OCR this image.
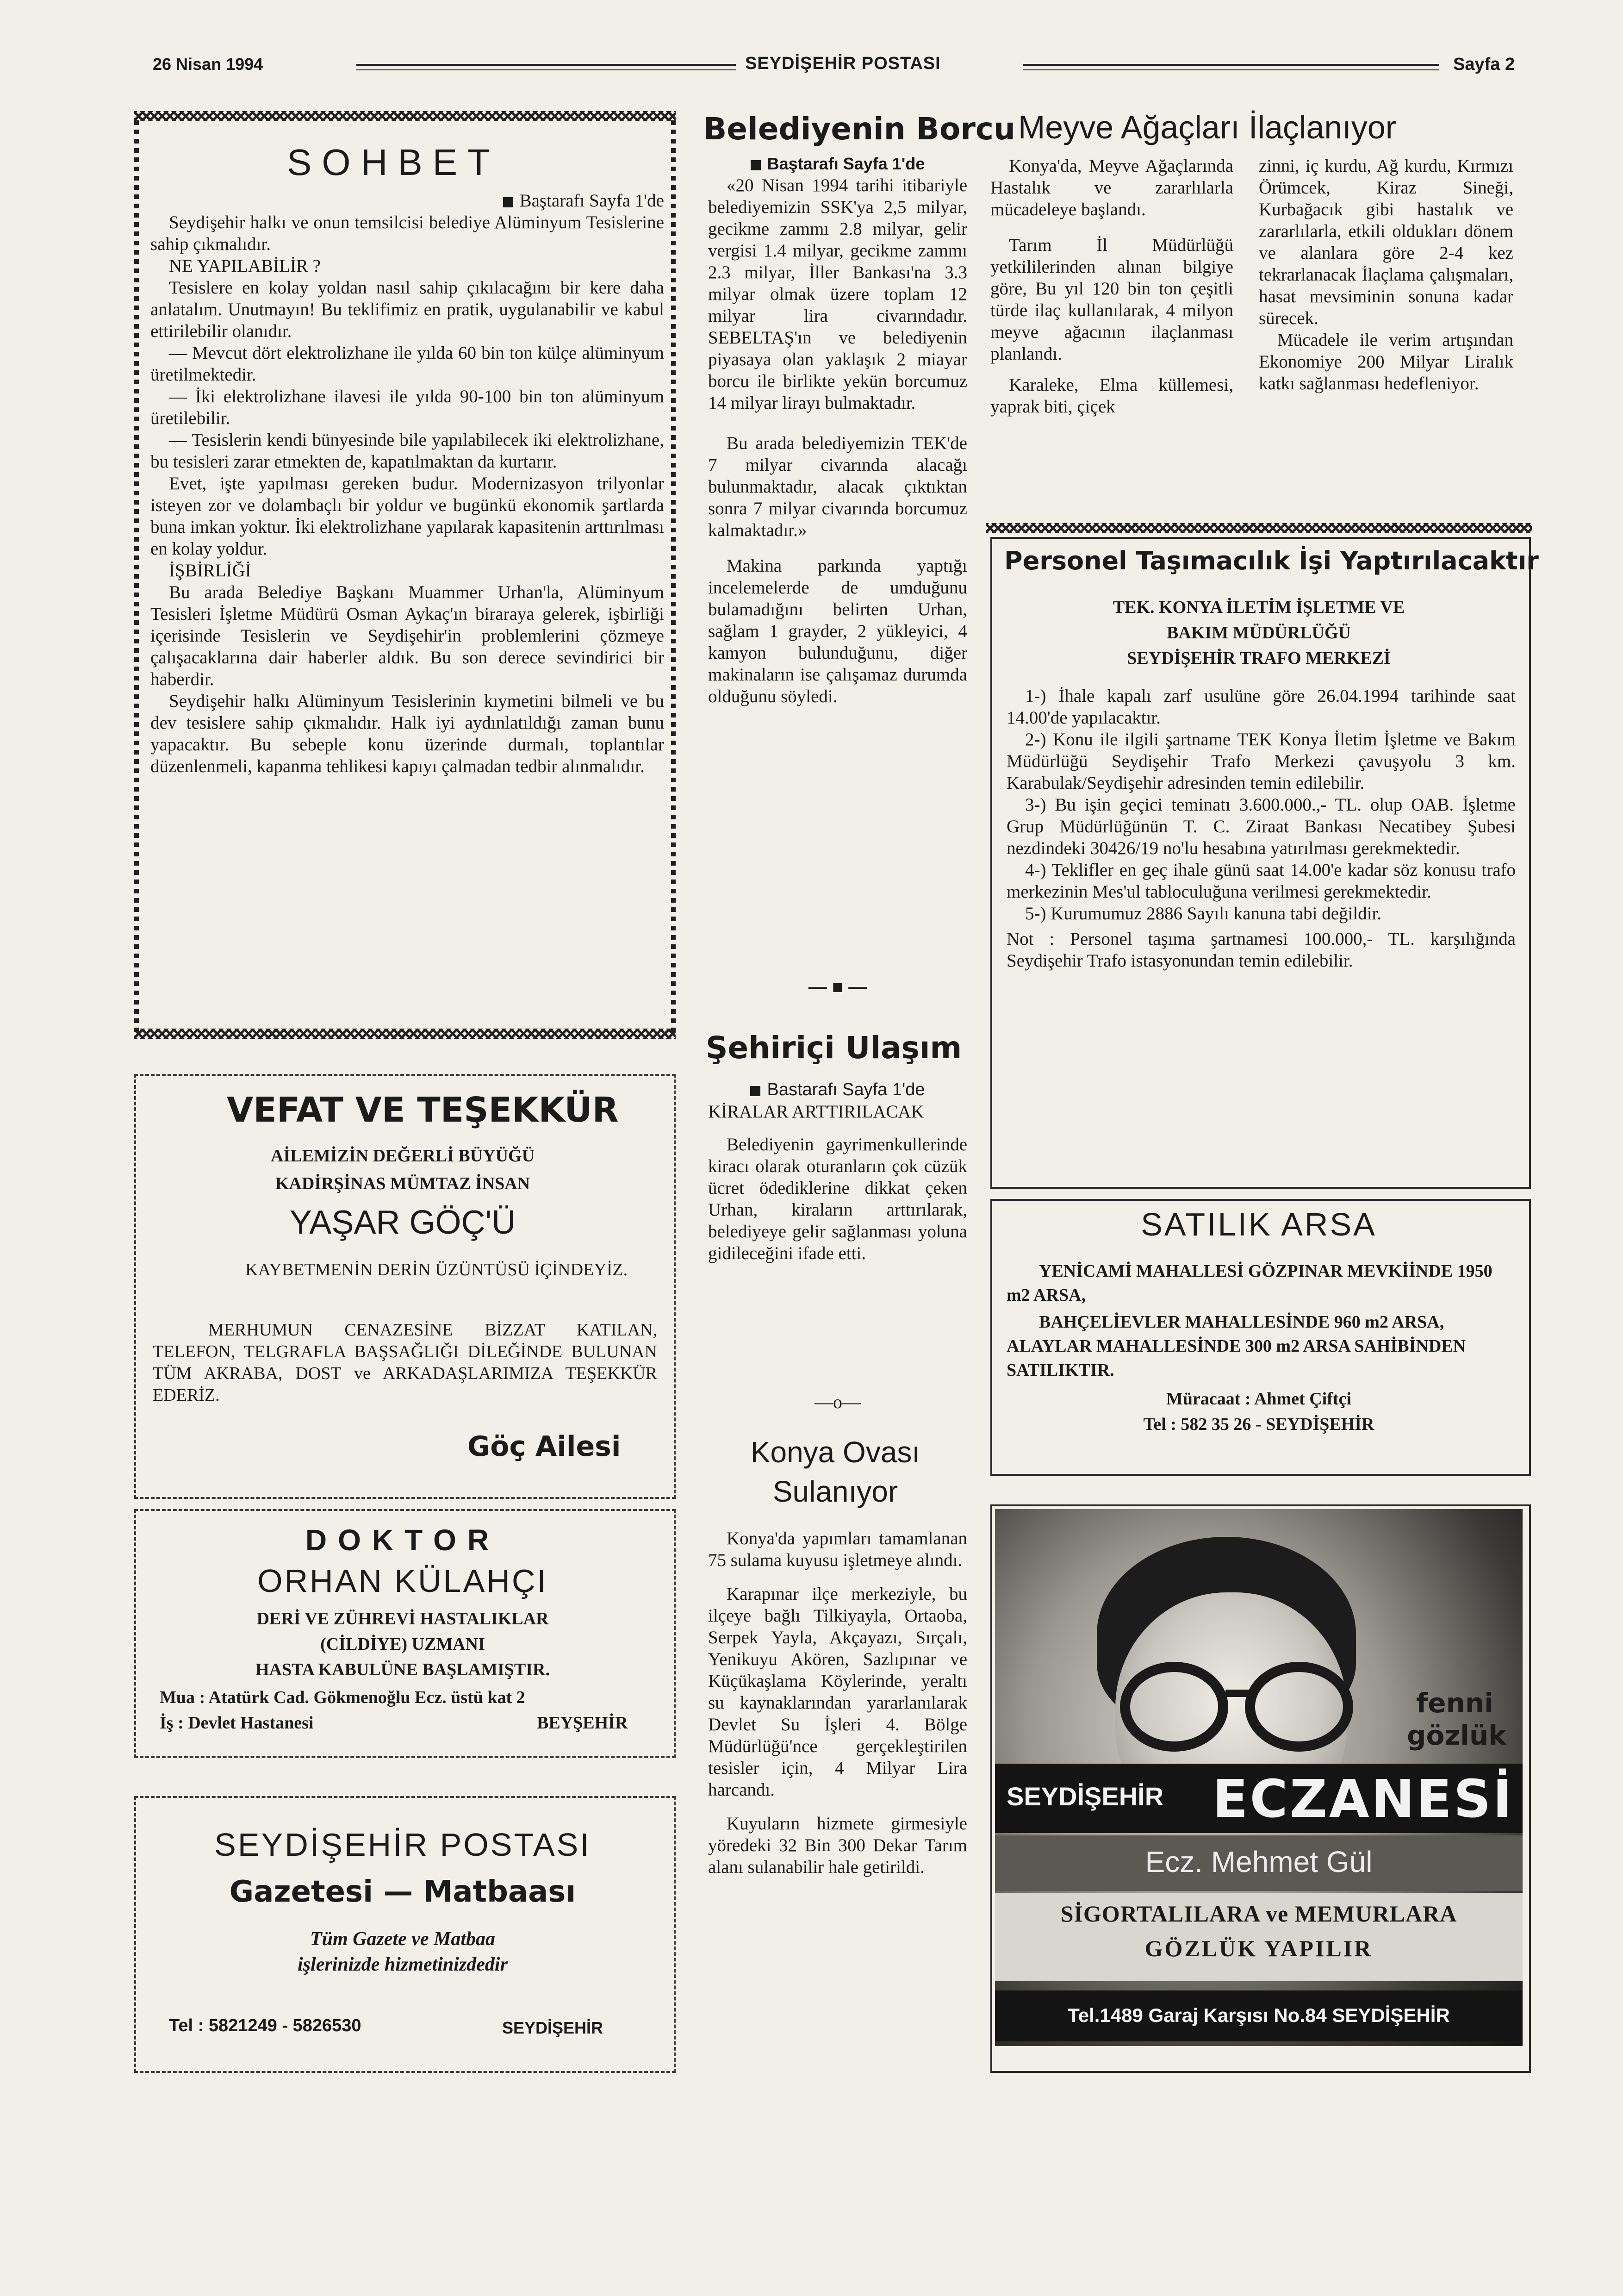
26 Nisan 1994	SEYDİŞEHİR POSTASI	Sayfa 2
SOHBET

Baştarafı Sayfa 1'de

Seydişehir halkı ve onun temsilcisi belediye Alüminyum Tesislerine sahip çıkmalıdır.

NE YAPILABİLİR ?

Tesislere en kolay yoldan nasıl sahip çıkılacağını bir kere daha anlatalım. Unutmayın! Bu teklifimiz en pratik, uygulanabilir ve kabul ettirilebilir olanıdır.

— Mevcut dört elektrolizhane ile yılda 60 bin ton külçe alüminyum üretilmektedir.

— İki elektrolizhane ilavesi ile yılda 90-100 bin ton alüminyum üretilebilir.

— Tesislerin kendi bünyesinde bile yapılabilecek iki elektrolizhane, bu tesisleri zarar etmekten de, kapatılmaktan da kurtarır.

Evet, işte yapılması gereken budur. Modernizasyon trilyonlar isteyen zor ve dolambaçlı bir yoldur ve bugünkü ekonomik şartlarda buna imkan yoktur. İki elektrolizhane yapılarak kapasitenin arttırılması en kolay yoldur.

İŞBİRLİĞİ

Bu arada Belediye Başkanı Muammer Urhan'la, Alüminyum Tesisleri İşletme Müdürü Osman Aykaç'ın biraraya gelerek, işbirliği içerisinde Tesislerin ve Seydişehir'in problemlerini çözmeye çalışacaklarına dair haberler aldık. Bu son derece sevindirici bir haberdir.

Seydişehir halkı Alüminyum Tesislerinin kıymetini bilmeli ve bu dev tesislere sahip çıkmalıdır. Halk iyi aydınlatıldığı zaman bunu yapacaktır. Bu sebeple konu üzerinde durmalı, toplantılar düzenlenmeli, kapanma tehlikesi kapıyı çalmadan tedbir alınmalıdır.

VEFAT VE TEŞEKKÜR
AİLEMİZİN DEĞERLİ BÜYÜĞÜ
KADİRŞİNAS MÜMTAZ İNSAN
YAŞAR GÖÇ'Ü
KAYBETMENİN DERİN ÜZÜNTÜSÜ İÇİNDEYİZ.
MERHUMUN CENAZESİNE BİZZAT KATILAN, TELEFON, TELGRAFLA BAŞSAĞLIĞI DİLEĞİNDE BULUNAN TÜM AKRABA, DOST ve ARKADAŞLARIMIZA TEŞEKKÜR EDERİZ.
Göç Ailesi
DOKTOR
ORHAN KÜLAHÇI
DERİ VE ZÜHREVİ HASTALIKLAR
(CİLDİYE) UZMANI
HASTA KABULÜNE BAŞLAMIŞTIR.
Mua : Atatürk Cad. Gökmenoğlu Ecz. üstü kat 2
İş : Devlet Hastanesi	BEYŞEHİR
SEYDİŞEHİR POSTASI
Gazetesi — Matbaası
Tüm Gazete ve Matbaa
işlerinizde hizmetinizdedir
Tel : 5821249 - 5826530	SEYDİŞEHİR
Belediyenin Borcu

Baştarafı Sayfa 1'de

«20 Nisan 1994 tarihi itibariyle belediyemizin SSK'ya 2,5 milyar, gecikme zammı 2.8 milyar, gelir vergisi 1.4 milyar, gecikme zammı 2.3 milyar, İller Bankası'na 3.3 milyar olmak üzere toplam 12 milyar lira civarındadır. SEBELTAŞ'ın ve belediyenin piyasaya olan yaklaşık 2 miayar borcu ile birlikte yekün borcumuz 14 milyar lirayı bulmaktadır.

Bu arada belediyemizin TEK'de 7 milyar civarında alacağı bulunmaktadır, alacak çıktıktan sonra 7 milyar civarında borcumuz kalmaktadır.»

Makina parkında yaptığı incelemelerde de umduğunu bulamadığını belirten Urhan, sağlam 1 grayder, 2 yükleyici, 4 kamyon bulunduğunu, diğer makinaların ise çalışamaz durumda olduğunu söyledi.

— ■ —
Şehiriçi Ulaşım

Bastarafı Sayfa 1'de

KİRALAR ARTTIRILACAK

Belediyenin gayrimenkullerinde kiracı olarak oturanların çok cüzük ücret ödediklerine dikkat çeken Urhan, kiraların arttırılarak, belediyeye gelir sağlanması yoluna gidileceğini ifade etti.

—o—
Konya Ovası
Sulanıyor

Konya'da yapımları tamamlanan 75 sulama kuyusu işletmeye alındı.

Karapınar ilçe merkeziyle, bu ilçeye bağlı Tilkiyayla, Ortaoba, Serpek Yayla, Akçayazı, Sırçalı, Yenikuyu Akören, Sazlıpınar ve Küçükaşlama Köylerinde, yeraltı su kaynaklarından yararlanılarak Devlet Su İşleri 4. Bölge Müdürlüğü'nce gerçekleştirilen tesisler için, 4 Milyar Lira harcandı.

Kuyuların hizmete girmesiyle yöredeki 32 Bin 300 Dekar Tarım alanı sulanabilir hale getirildi.

Meyve Ağaçları İlaçlanıyor

Konya'da, Meyve Ağaçlarında Hastalık ve zararlılarla mücadeleye başlandı.

Tarım İl Müdürlüğü yetkililerinden alınan bilgiye göre, Bu yıl 120 bin ton çeşitli türde ilaç kullanılarak, 4 milyon meyve ağacının ilaçlanması planlandı.

Karaleke, Elma küllemesi, yaprak biti, çiçek

zinni, iç kurdu, Ağ kurdu, Kırmızı Örümcek, Kiraz Sineği, Kurbağacık gibi hastalık ve zararlılarla, etkili oldukları dönem ve alanlara göre 2-4 kez tekrarlanacak İlaçlama çalışmaları, hasat mevsiminin sonuna kadar sürecek.

Mücadele ile verim artışından Ekonomiye 200 Milyar Liralık katkı sağlanması hedefleniyor.

Personel Taşımacılık İşi Yaptırılacaktır
TEK. KONYA İLETİM İŞLETME VE
BAKIM MÜDÜRLÜĞÜ
SEYDİŞEHİR TRAFO MERKEZİ

1-) İhale kapalı zarf usulüne göre 26.04.1994 tarihinde saat 14.00'de yapılacaktır.

2-) Konu ile ilgili şartname TEK Konya İletim İşletme ve Bakım Müdürlüğü Seydişehir Trafo Merkezi çavuşyolu 3 km. Karabulak/Seydişehir adresinden temin edilebilir.

3-) Bu işin geçici teminatı 3.600.000.,- TL. olup OAB. İşletme Grup Müdürlüğünün T. C. Ziraat Bankası Necatibey Şubesi nezdindeki 30426/19 no'lu hesabına yatırılması gerekmektedir.

4-) Teklifler en geç ihale günü saat 14.00'e kadar söz konusu trafo merkezinin Mes'ul tabloculuğuna verilmesi gerekmektedir.

5-) Kurumumuz 2886 Sayılı kanuna tabi değildir.

Not : Personel taşıma şartnamesi 100.000,- TL. karşılığında Seydişehir Trafo istasyonundan temin edilebilir.

SATILIK ARSA
YENİCAMİ MAHALLESİ GÖZPINAR MEVKİİNDE 1950 m2 ARSA,
BAHÇELİEVLER MAHALLESİNDE 960 m2 ARSA, ALAYLAR MAHALLESİNDE 300 m2 ARSA SAHİBİNDEN SATILIKTIR.
Müracaat : Ahmet Çiftçi
Tel : 582 35 26 - SEYDİŞEHİR
fenni
gözlük
SEYDİŞEHİR ECZANESİ
Ecz. Mehmet Gül
SİGORTALILARA ve MEMURLARA
GÖZLÜK YAPILIR
Tel.1489 Garaj Karşısı No.84 SEYDİŞEHİR
